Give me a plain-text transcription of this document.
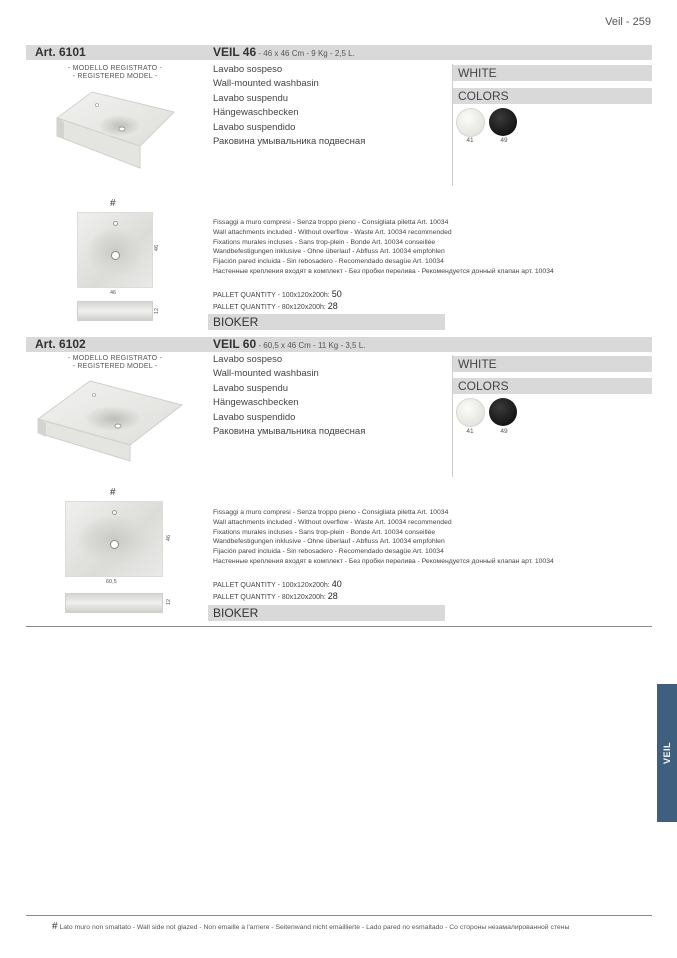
Veil - 259
Art. 6101	VEIL 46 - 46 x 46 Cm - 9 Kg - 2,5 L.
- MODELLO REGISTRATO -
- REGISTERED MODEL -
Lavabo sospeso
Wall-mounted washbasin
Lavabo suspendu
Hängewaschbecken
Lavabo suspendido
Раковина умывальника подвесная
WHITE
COLORS
41	49
#
46
46
12
Fissaggi a muro compresi - Senza troppo pieno - Consigliata piletta Art. 10034
Wall attachments included - Without overflow - Waste Art. 10034 recommended
Fixations murales incluses - Sans trop-plein - Bonde Art. 10034 conseillée
Wandbefestigungen inklusive - Ohne überlauf - Abfluss Art. 10034 empfohlen
Fijación pared incluida - Sin rebosadero - Recomendado desagüe Art. 10034
Настенные крепления входят в комплект - Без пробки перелива - Рекомендуется донный клапан арт. 10034
PALLET QUANTITY - 100x120x200h: 50
PALLET QUANTITY - 80x120x200h: 28
BIOKER
Art. 6102	VEIL 60 - 60,5 x 46 Cm - 11 Kg - 3,5 L.
- MODELLO REGISTRATO -
- REGISTERED MODEL -
Lavabo sospeso
Wall-mounted washbasin
Lavabo suspendu
Hängewaschbecken
Lavabo suspendido
Раковина умывальника подвесная
WHITE
COLORS
41	49
#
46
60,5
12
Fissaggi a muro compresi - Senza troppo pieno - Consigliata piletta Art. 10034
Wall attachments included - Without overflow - Waste Art. 10034 recommended
Fixations murales incluses - Sans trop-plein - Bonde Art. 10034 conseillée
Wandbefestigungen inklusive - Ohne überlauf - Abfluss Art. 10034 empfohlen
Fijación pared incluida - Sin rebosadero - Recomendado desagüe Art. 10034
Настенные крепления входят в комплект - Без пробки перелива - Рекомендуется донный клапан арт. 10034
PALLET QUANTITY - 100x120x200h: 40
PALLET QUANTITY - 80x120x200h: 28
BIOKER
VEIL
# Lato muro non smaltato - Wall side not glazed - Non emaille a l'arriere - Seitenwand nicht emaillierte - Lado pared no esmaltado - Со стороны незамалированной стены
